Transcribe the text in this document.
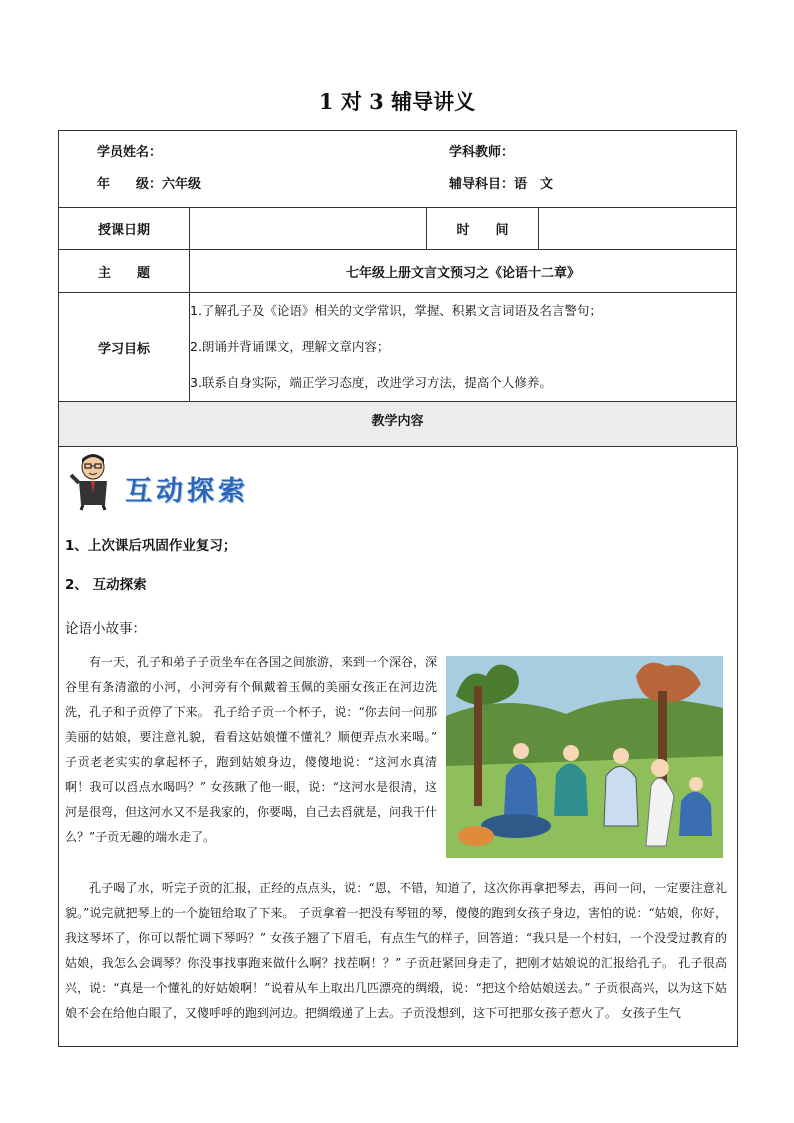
1 对 3 辅导讲义
学员姓名： 学科教师：
年　　级：六年级 辅导科目：语　文			

授课日期		时　　间	
主　　题	七年级上册文言文预习之《论语十二章》		
学习目标	1.了解孔子及《论语》相关的文学常识，掌握、积累文言词语及名言警句；
2.朗诵并背诵课文，理解文章内容；
3.联系自身实际，端正学习态度，改进学习方法，提高个人修养。		

教学内容			
互动探索
1、上次课后巩固作业复习；
2、 互动探索
论语小故事：
有一天，孔子和弟子子贡坐车在各国之间旅游，来到一个深谷，深谷里有条清澈的小河，小河旁有个佩戴着玉佩的美丽女孩正在河边洗洗，孔子和子贡停了下来。 孔子给子贡一个杯子，说：“你去问一问那美丽的姑娘，要注意礼貌，看看这姑娘懂不懂礼？顺便弄点水来喝。” 子贡老老实实的拿起杯子，跑到姑娘身边，傻傻地说：“这河水真清啊！我可以舀点水喝吗？” 女孩瞅了他一眼，说：“这河水是很清，这河是很弯，但这河水又不是我家的，你要喝，自己去舀就是，问我干什么？”子贡无趣的端水走了。
孔子喝了水，听完子贡的汇报，正经的点点头，说：“恩，不错，知道了，这次你再拿把琴去，再问一问，一定要注意礼貌。”说完就把琴上的一个旋钮给取了下来。 子贡拿着一把没有琴钮的琴，傻傻的跑到女孩子身边，害怕的说：“姑娘，你好，我这琴坏了，你可以帮忙调下琴吗？” 女孩子翘了下眉毛，有点生气的样子，回答道：“我只是一个村妇，一个没受过教育的姑娘，我怎么会调琴？你没事找事跑来做什么啊？找茬啊！？” 子贡赶紧回身走了，把刚才姑娘说的汇报给孔子。 孔子很高兴，说：“真是一个懂礼的好姑娘啊！”说着从车上取出几匹漂亮的绸缎，说：“把这个给姑娘送去。” 子贡很高兴，以为这下姑娘不会在给他白眼了，又傻呼呼的跑到河边。把绸缎递了上去。子贡没想到，这下可把那女孩子惹火了。 女孩子生气
